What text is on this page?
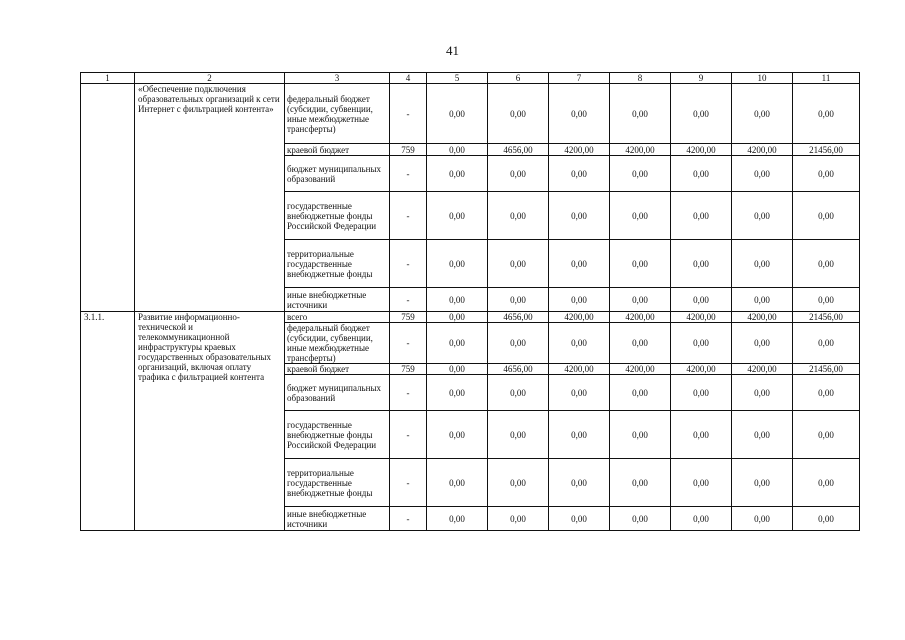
41
1	2	3	4	5	6	7	8	9	10	11
	«Обеспечение подключения образовательных организаций к сети Интернет с фильтрацией контента»	федеральный бюджет (субсидии, субвенции, иные межбюджетные трансферты)	-	0,00	0,00	0,00	0,00	0,00	0,00	0,00
		краевой бюджет	759	0,00	4656,00	4200,00	4200,00	4200,00	4200,00	21456,00
		бюджет муниципальных образований	-	0,00	0,00	0,00	0,00	0,00	0,00	0,00
		государственные внебюджетные фонды Российской Федерации	-	0,00	0,00	0,00	0,00	0,00	0,00	0,00
		территориальные государственные внебюджетные фонды	-	0,00	0,00	0,00	0,00	0,00	0,00	0,00
		иные внебюджетные источники	-	0,00	0,00	0,00	0,00	0,00	0,00	0,00
3.1.1.	Развитие информационно-технической и телекоммуникационной инфраструктуры краевых государственных образовательных организаций, включая оплату трафика с фильтрацией контента	всего	759	0,00	4656,00	4200,00	4200,00	4200,00	4200,00	21456,00
		федеральный бюджет (субсидии, субвенции, иные межбюджетные трансферты)	-	0,00	0,00	0,00	0,00	0,00	0,00	0,00
		краевой бюджет	759	0,00	4656,00	4200,00	4200,00	4200,00	4200,00	21456,00
		бюджет муниципальных образований	-	0,00	0,00	0,00	0,00	0,00	0,00	0,00
		государственные внебюджетные фонды Российской Федерации	-	0,00	0,00	0,00	0,00	0,00	0,00	0,00
		территориальные государственные внебюджетные фонды	-	0,00	0,00	0,00	0,00	0,00	0,00	0,00
		иные внебюджетные источники	-	0,00	0,00	0,00	0,00	0,00	0,00	0,00
